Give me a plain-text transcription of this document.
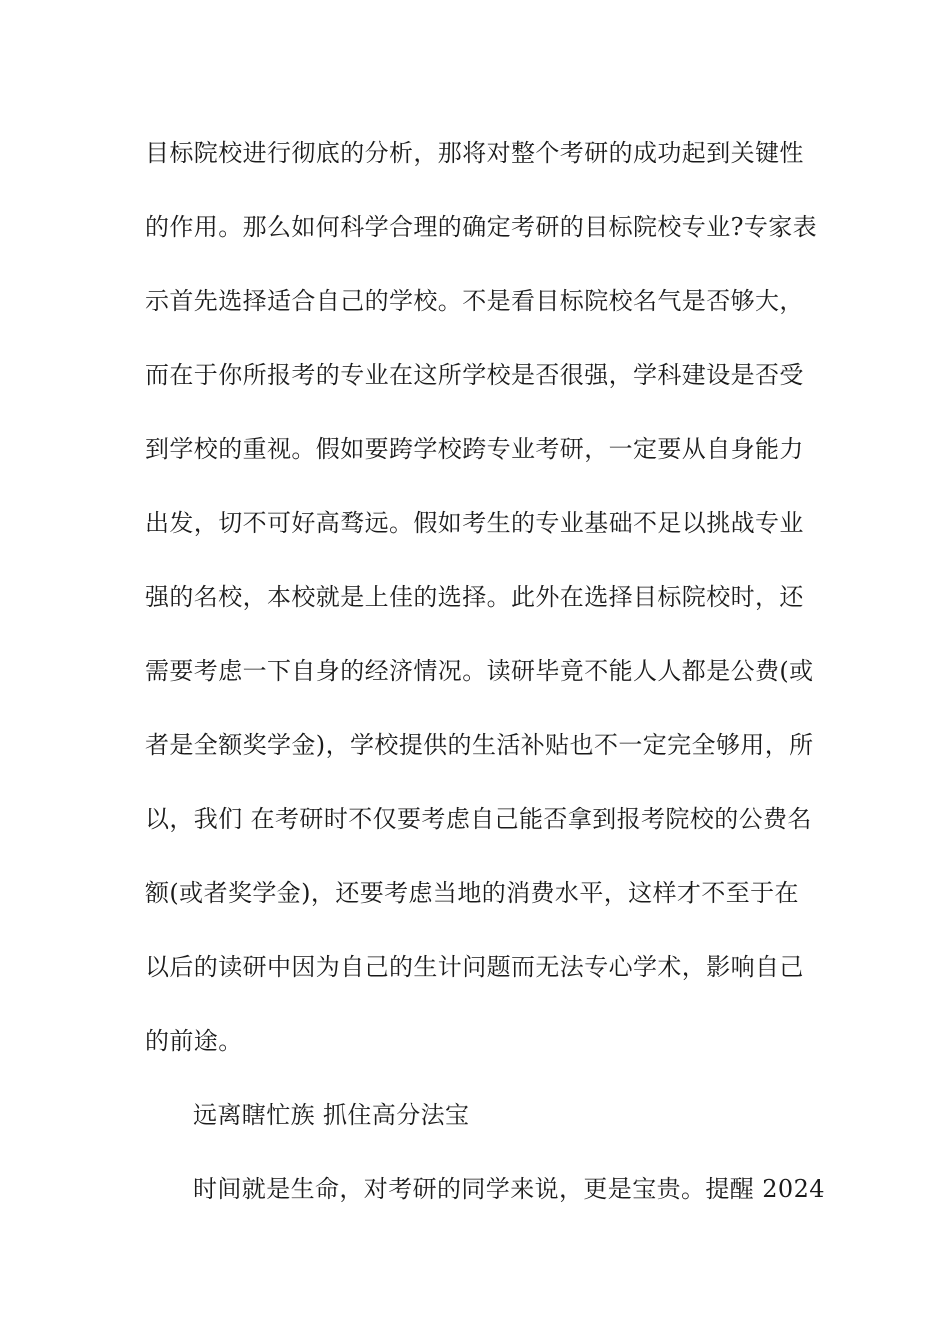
目标院校进行彻底的分析，那将对整个考研的成功起到关键性
的作用。那么如何科学合理的确定考研的目标院校专业?专家表
示首先选择适合自己的学校。不是看目标院校名气是否够大，
而在于你所报考的专业在这所学校是否很强，学科建设是否受
到学校的重视。假如要跨学校跨专业考研，一定要从自身能力
出发，切不可好高骛远。假如考生的专业基础不足以挑战专业
强的名校，本校就是上佳的选择。此外在选择目标院校时，还
需要考虑一下自身的经济情况。读研毕竟不能人人都是公费(或
者是全额奖学金)，学校提供的生活补贴也不一定完全够用，所
以，我们 在考研时不仅要考虑自己能否拿到报考院校的公费名
额(或者奖学金)，还要考虑当地的消费水平，这样才不至于在
以后的读研中因为自己的生计问题而无法专心学术，影响自己
的前途。
远离瞎忙族 抓住高分法宝
时间就是生命，对考研的同学来说，更是宝贵。提醒 2024
